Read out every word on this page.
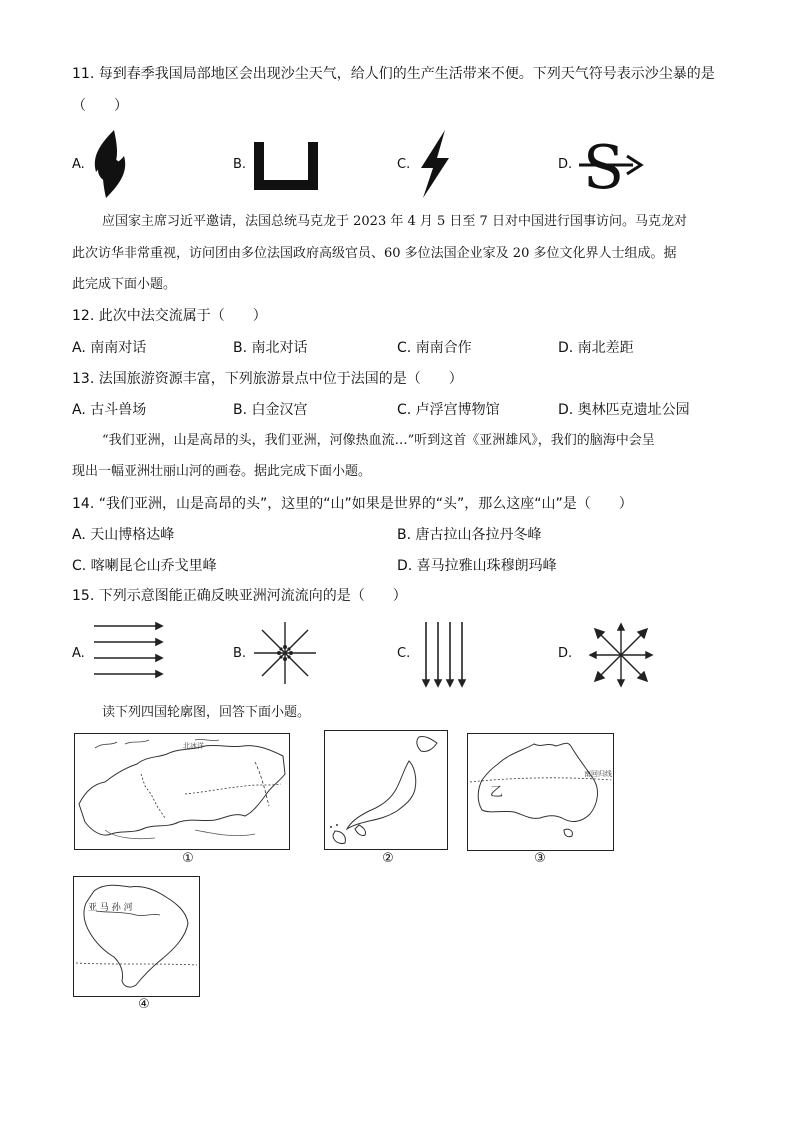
11. 每到春季我国局部地区会出现沙尘天气，给人们的生产生活带来不便。下列天气符号表示沙尘暴的是
（　　）
A.	B.	C.	D. S
应国家主席习近平邀请，法国总统马克龙于 2023 年 4 月 5 日至 7 日对中国进行国事访问。马克龙对
此次访华非常重视，访问团由多位法国政府高级官员、60 多位法国企业家及 20 多位文化界人士组成。据
此完成下面小题。
12. 此次中法交流属于（　　）
A. 南南对话	B. 南北对话	C. 南南合作	D. 南北差距
13. 法国旅游资源丰富，下列旅游景点中位于法国的是（　　）
A. 古斗兽场	B. 白金汉宫	C. 卢浮宫博物馆	D. 奥林匹克遗址公园
“我们亚洲，山是高昂的头，我们亚洲，河像热血流…”听到这首《亚洲雄风》，我们的脑海中会呈
现出一幅亚洲壮丽山河的画卷。据此完成下面小题。
14. “我们亚洲，山是高昂的头”，这里的“山”如果是世界的“头”，那么这座“山”是（　　）
A. 天山博格达峰	B. 唐古拉山各拉丹冬峰
C. 喀喇昆仑山乔戈里峰	D. 喜马拉雅山珠穆朗玛峰
15. 下列示意图能正确反映亚洲河流流向的是（　　）
A.	B.	C.	D.
读下列四国轮廓图，回答下面小题。
北冰洋
①	②
乙
南回归线
③
亚 马 孙 河
④
